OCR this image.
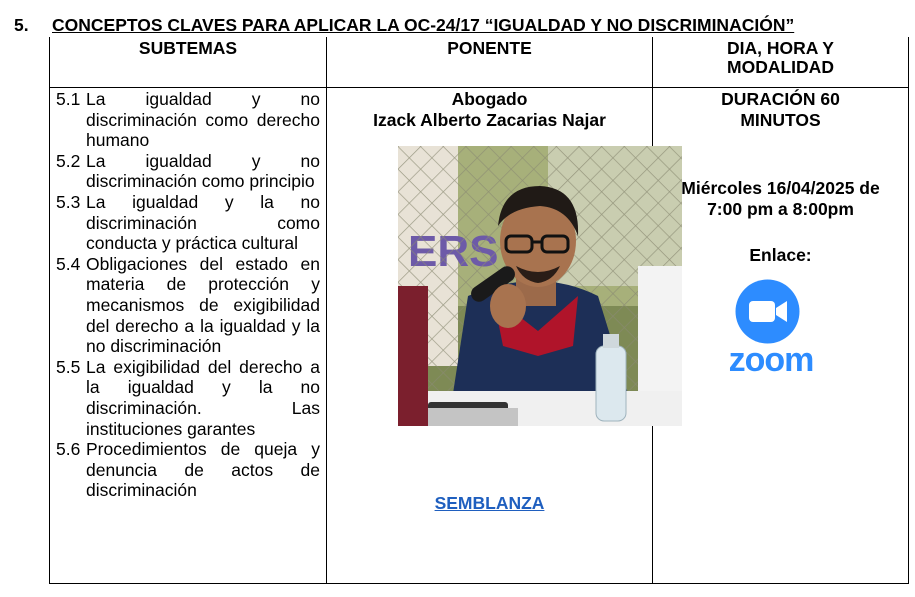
5. CONCEPTOS CLAVES PARA APLICAR LA OC-24/17 “IGUALDAD Y NO DISCRIMINACIÓN”
SUBTEMAS
5.1 La igualdad y no discriminación como derecho humano
5.2 La igualdad y no discriminación como principio
5.3 La igualdad y la no discriminación como conducta y práctica cultural
5.4 Obligaciones del estado en materia de protección y mecanismos de exigibilidad del derecho a la igualdad y la no discriminación
5.5 La exigibilidad del derecho a la igualdad y la no discriminación. Las instituciones garantes
5.6 Procedimientos de queja y denuncia de actos de discriminación
PONENTE
Abogado
Izack Alberto Zacarias Najar
SEMBLANZA
DIA, HORA Y
MODALIDAD
DURACIÓN 60
MINUTOS
Miércoles 16/04/2025 de
7:00 pm a 8:00pm
Enlace:
zoom
